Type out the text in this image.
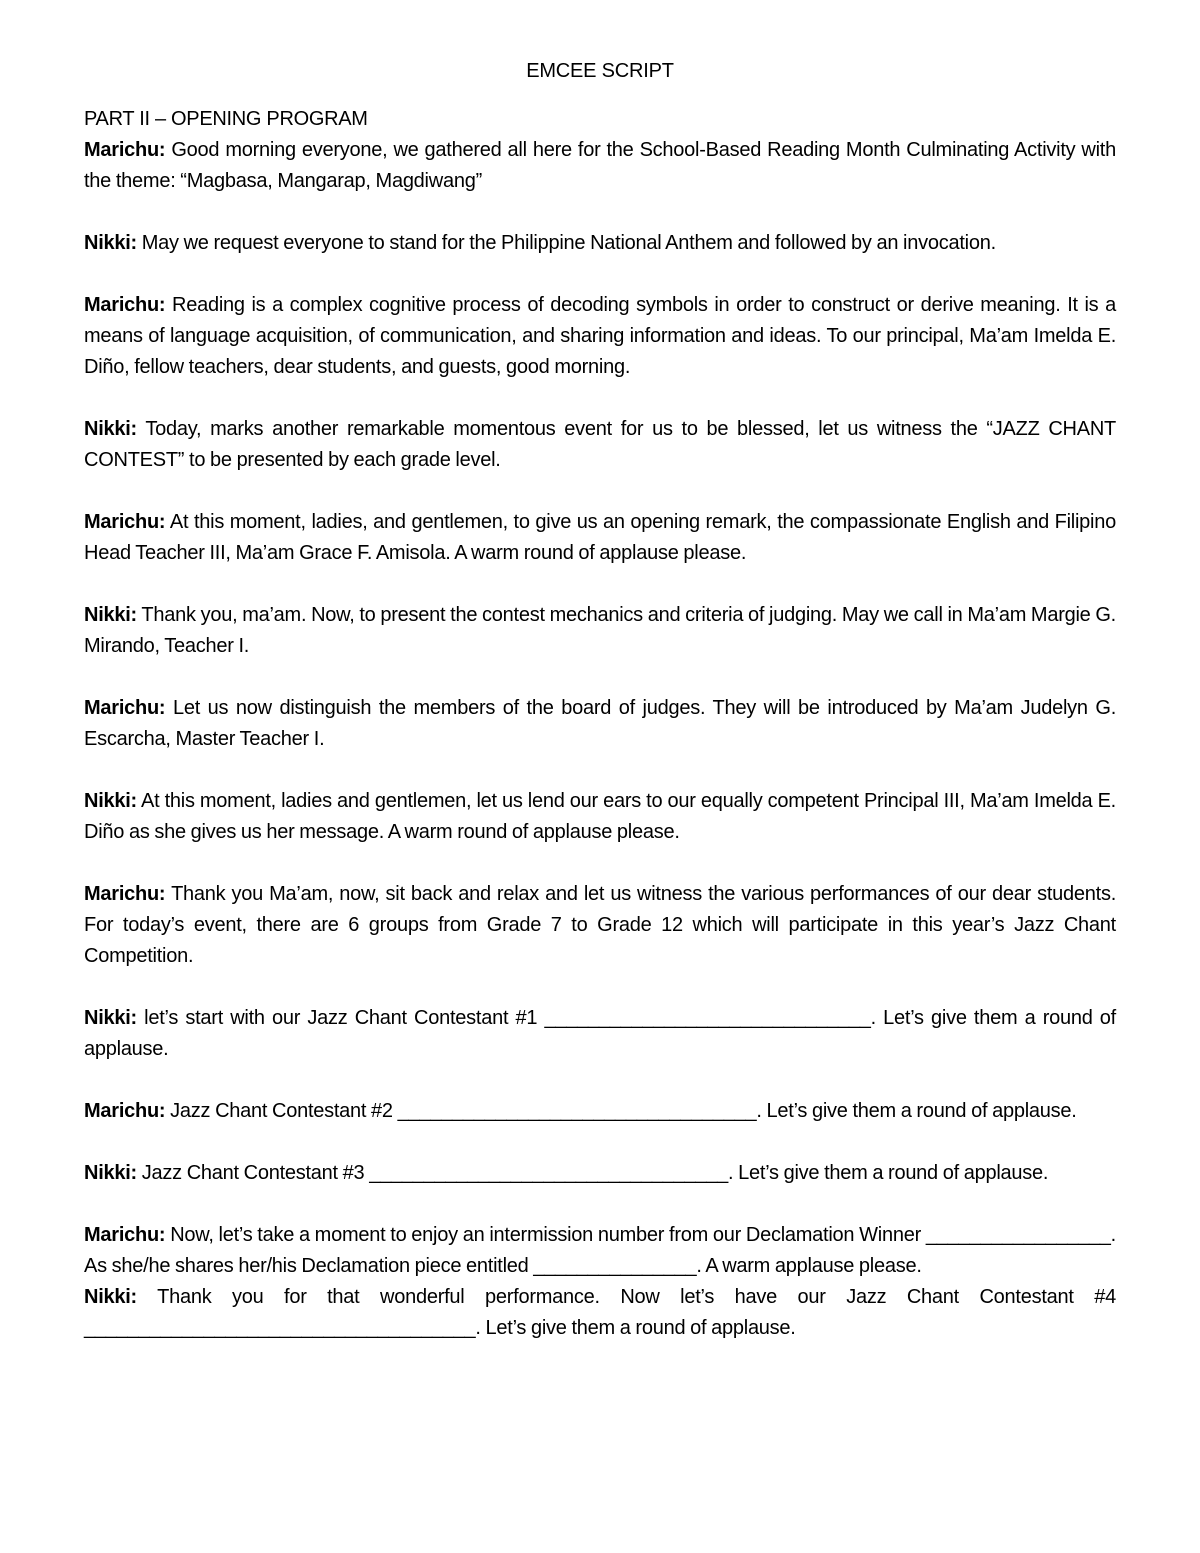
EMCEE SCRIPT
PART II – OPENING PROGRAM

Marichu: Good morning everyone, we gathered all here for the School-Based Reading Month Culminating Activity with the theme: “Magbasa, Mangarap, Magdiwang”

Nikki: May we request everyone to stand for the Philippine National Anthem and followed by an invocation.

Marichu: Reading is a complex cognitive process of decoding symbols in order to construct or derive meaning. It is a means of language acquisition, of communication, and sharing information and ideas. To our principal, Ma’am Imelda E. Diño, fellow teachers, dear students, and guests, good morning.

Nikki: Today, marks another remarkable momentous event for us to be blessed, let us witness the “JAZZ CHANT CONTEST” to be presented by each grade level.

Marichu: At this moment, ladies, and gentlemen, to give us an opening remark, the compassionate English and Filipino Head Teacher III, Ma’am Grace F. Amisola. A warm round of applause please.

Nikki: Thank you, ma’am. Now, to present the contest mechanics and criteria of judging. May we call in Ma’am Margie G. Mirando, Teacher I.

Marichu: Let us now distinguish the members of the board of judges. They will be introduced by Ma’am Judelyn G. Escarcha, Master Teacher I.

Nikki: At this moment, ladies and gentlemen, let us lend our ears to our equally competent Principal III, Ma’am Imelda E. Diño as she gives us her message. A warm round of applause please.

Marichu: Thank you Ma’am, now, sit back and relax and let us witness the various performances of our dear students. For today’s event, there are 6 groups from Grade 7 to Grade 12 which will participate in this year’s Jazz Chant Competition.

Nikki: let’s start with our Jazz Chant Contestant #1 ______________________________. Let’s give them a round of applause.

Marichu: Jazz Chant Contestant #2 _________________________________. Let’s give them a round of applause.

Nikki: Jazz Chant Contestant #3 _________________________________. Let’s give them a round of applause.

Marichu: Now, let’s take a moment to enjoy an intermission number from our Declamation Winner _________________. As she/he shares her/his Declamation piece entitled _______________. A warm applause please.

Nikki: Thank you for that wonderful performance. Now let’s have our Jazz Chant Contestant #4 ____________________________________. Let’s give them a round of applause.
